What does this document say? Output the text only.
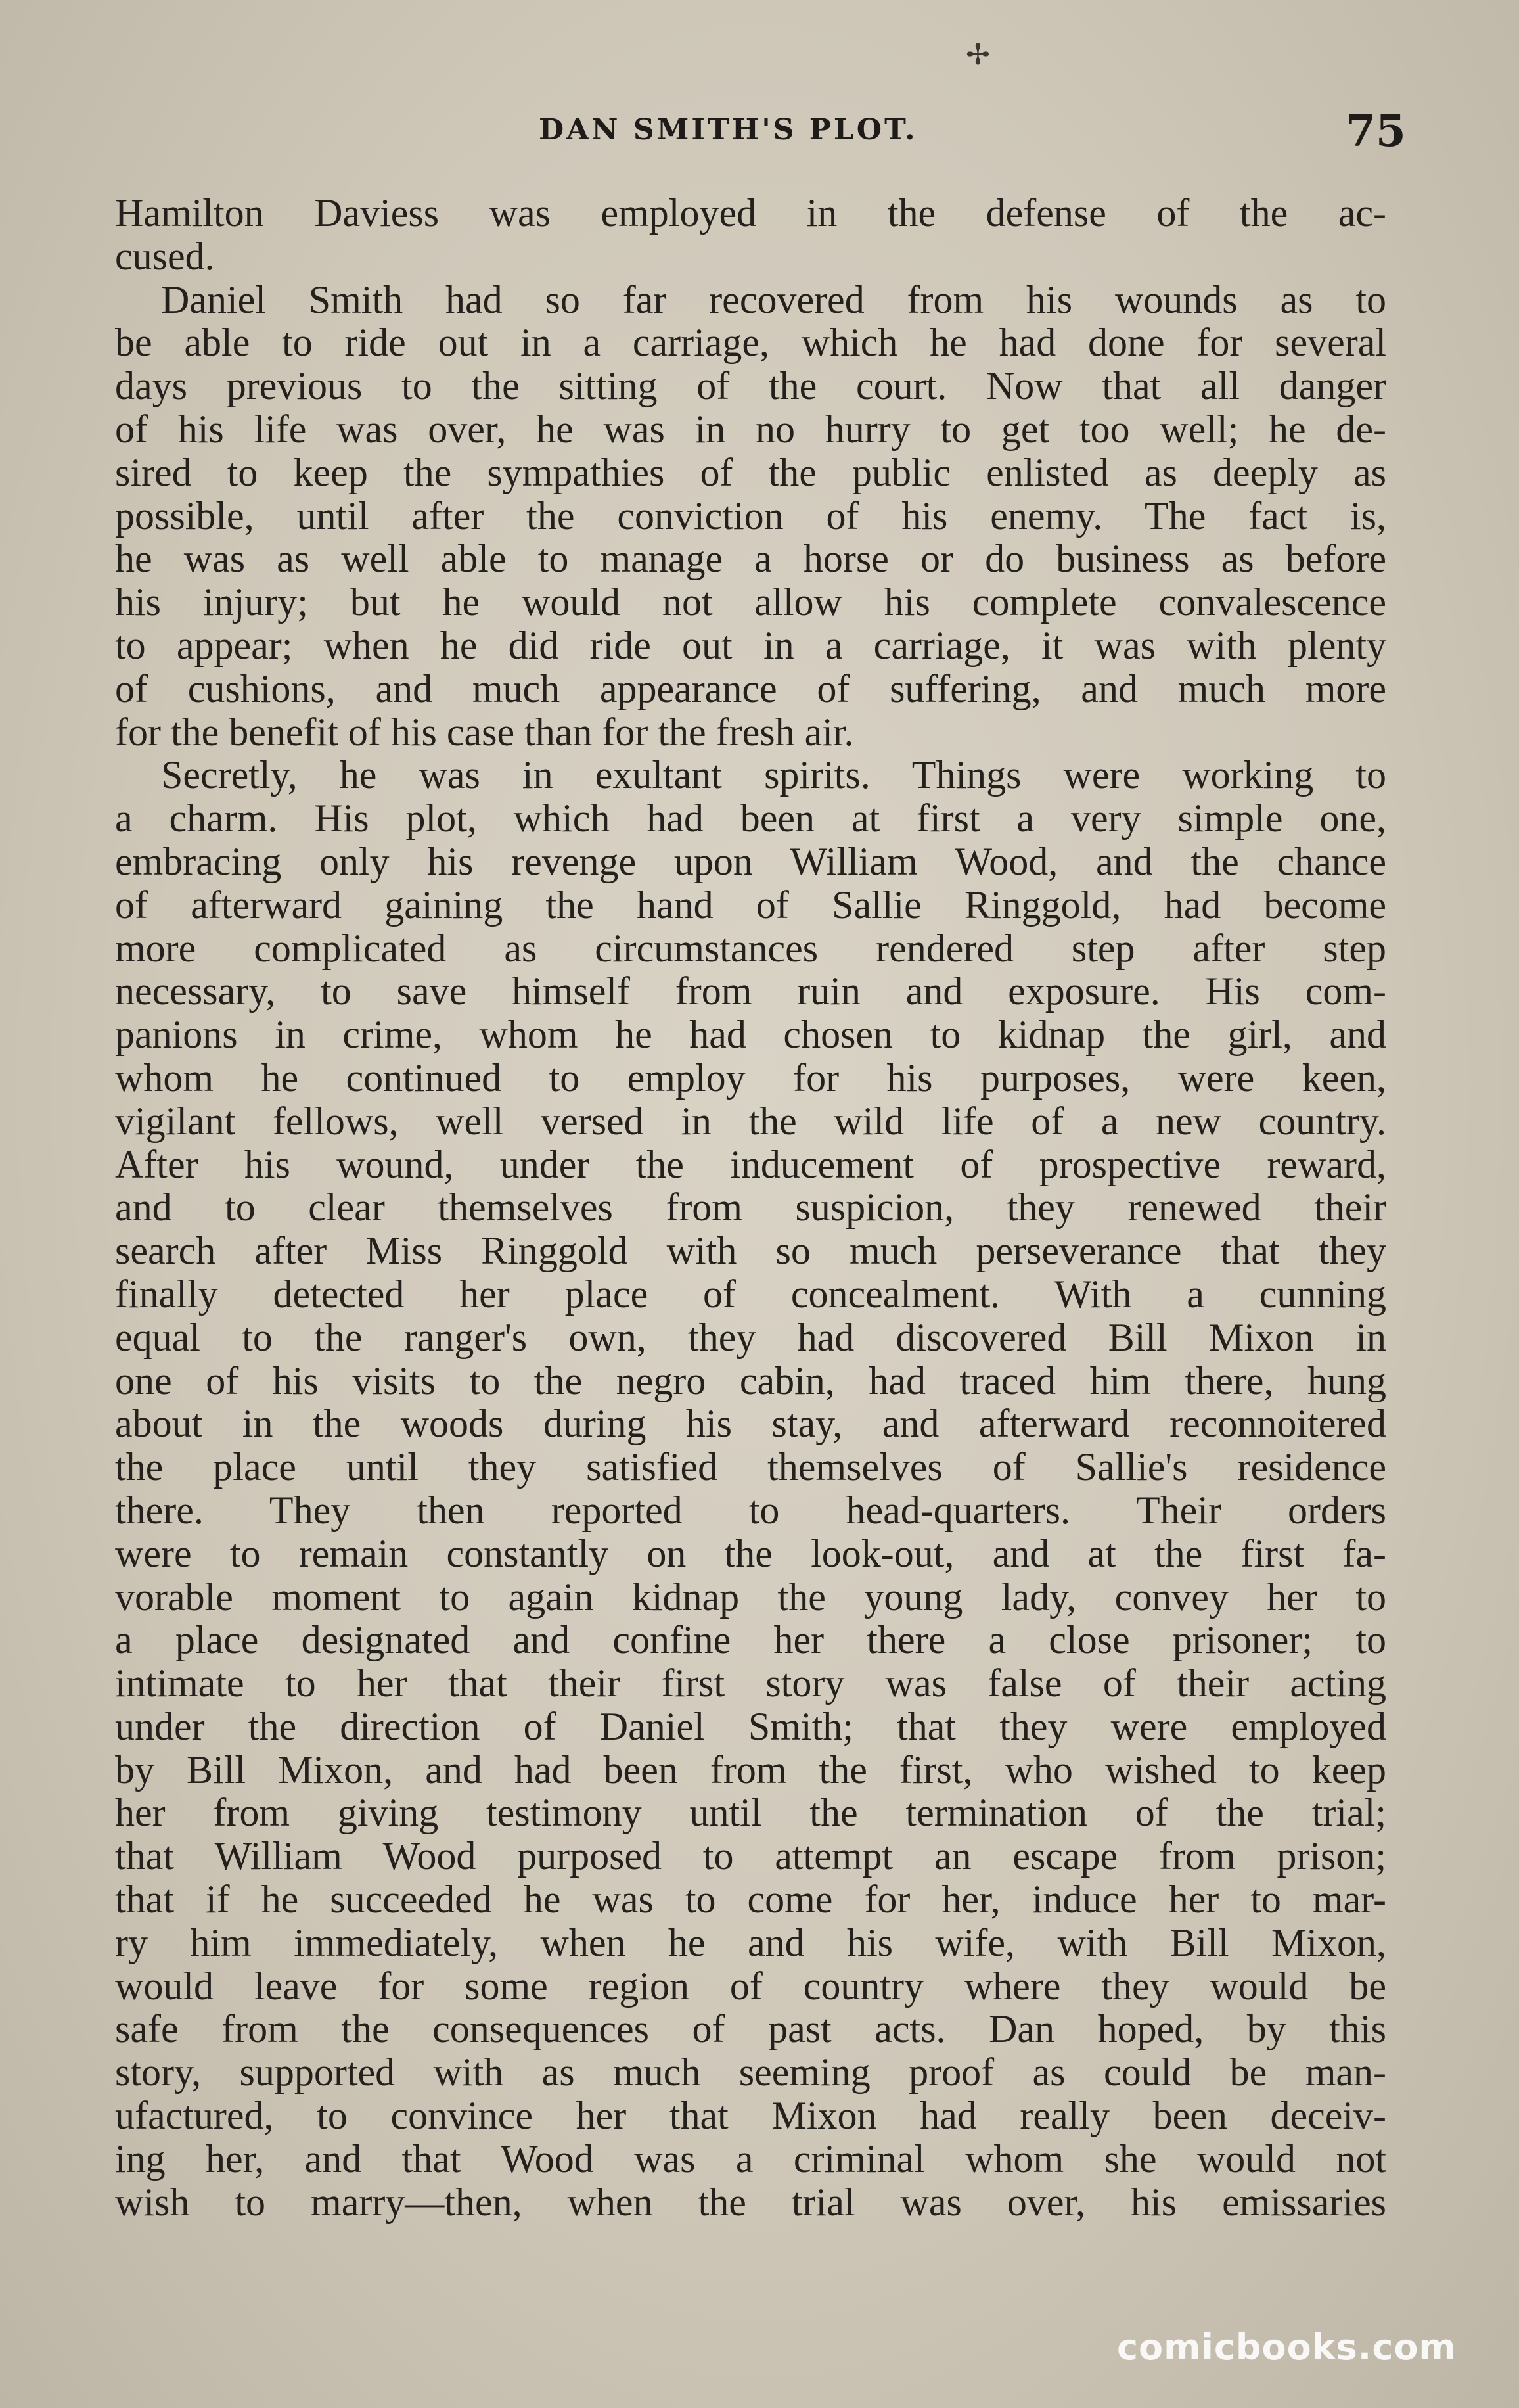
✢
DAN SMITH'S PLOT.	75
Hamilton Daviess was employed in the defense of the ac-
cused.
Daniel Smith had so far recovered from his wounds as to
be able to ride out in a carriage, which he had done for several
days previous to the sitting of the court. Now that all danger
of his life was over, he was in no hurry to get too well; he de-
sired to keep the sympathies of the public enlisted as deeply as
possible, until after the conviction of his enemy. The fact is,
he was as well able to manage a horse or do business as before
his injury; but he would not allow his complete convalescence
to appear; when he did ride out in a carriage, it was with plenty
of cushions, and much appearance of suffering, and much more
for the benefit of his case than for the fresh air.
Secretly, he was in exultant spirits. Things were working to
a charm. His plot, which had been at first a very simple one,
embracing only his revenge upon William Wood, and the chance
of afterward gaining the hand of Sallie Ringgold, had become
more complicated as circumstances rendered step after step
necessary, to save himself from ruin and exposure. His com-
panions in crime, whom he had chosen to kidnap the girl, and
whom he continued to employ for his purposes, were keen,
vigilant fellows, well versed in the wild life of a new country.
After his wound, under the inducement of prospective reward,
and to clear themselves from suspicion, they renewed their
search after Miss Ringgold with so much perseverance that they
finally detected her place of concealment. With a cunning
equal to the ranger's own, they had discovered Bill Mixon in
one of his visits to the negro cabin, had traced him there, hung
about in the woods during his stay, and afterward reconnoitered
the place until they satisfied themselves of Sallie's residence
there. They then reported to head-quarters. Their orders
were to remain constantly on the look-out, and at the first fa-
vorable moment to again kidnap the young lady, convey her to
a place designated and confine her there a close prisoner; to
intimate to her that their first story was false of their acting
under the direction of Daniel Smith; that they were employed
by Bill Mixon, and had been from the first, who wished to keep
her from giving testimony until the termination of the trial;
that William Wood purposed to attempt an escape from prison;
that if he succeeded he was to come for her, induce her to mar-
ry him immediately, when he and his wife, with Bill Mixon,
would leave for some region of country where they would be
safe from the consequences of past acts. Dan hoped, by this
story, supported with as much seeming proof as could be man-
ufactured, to convince her that Mixon had really been deceiv-
ing her, and that Wood was a criminal whom she would not
wish to marry—then, when the trial was over, his emissaries
comicbooks.com
